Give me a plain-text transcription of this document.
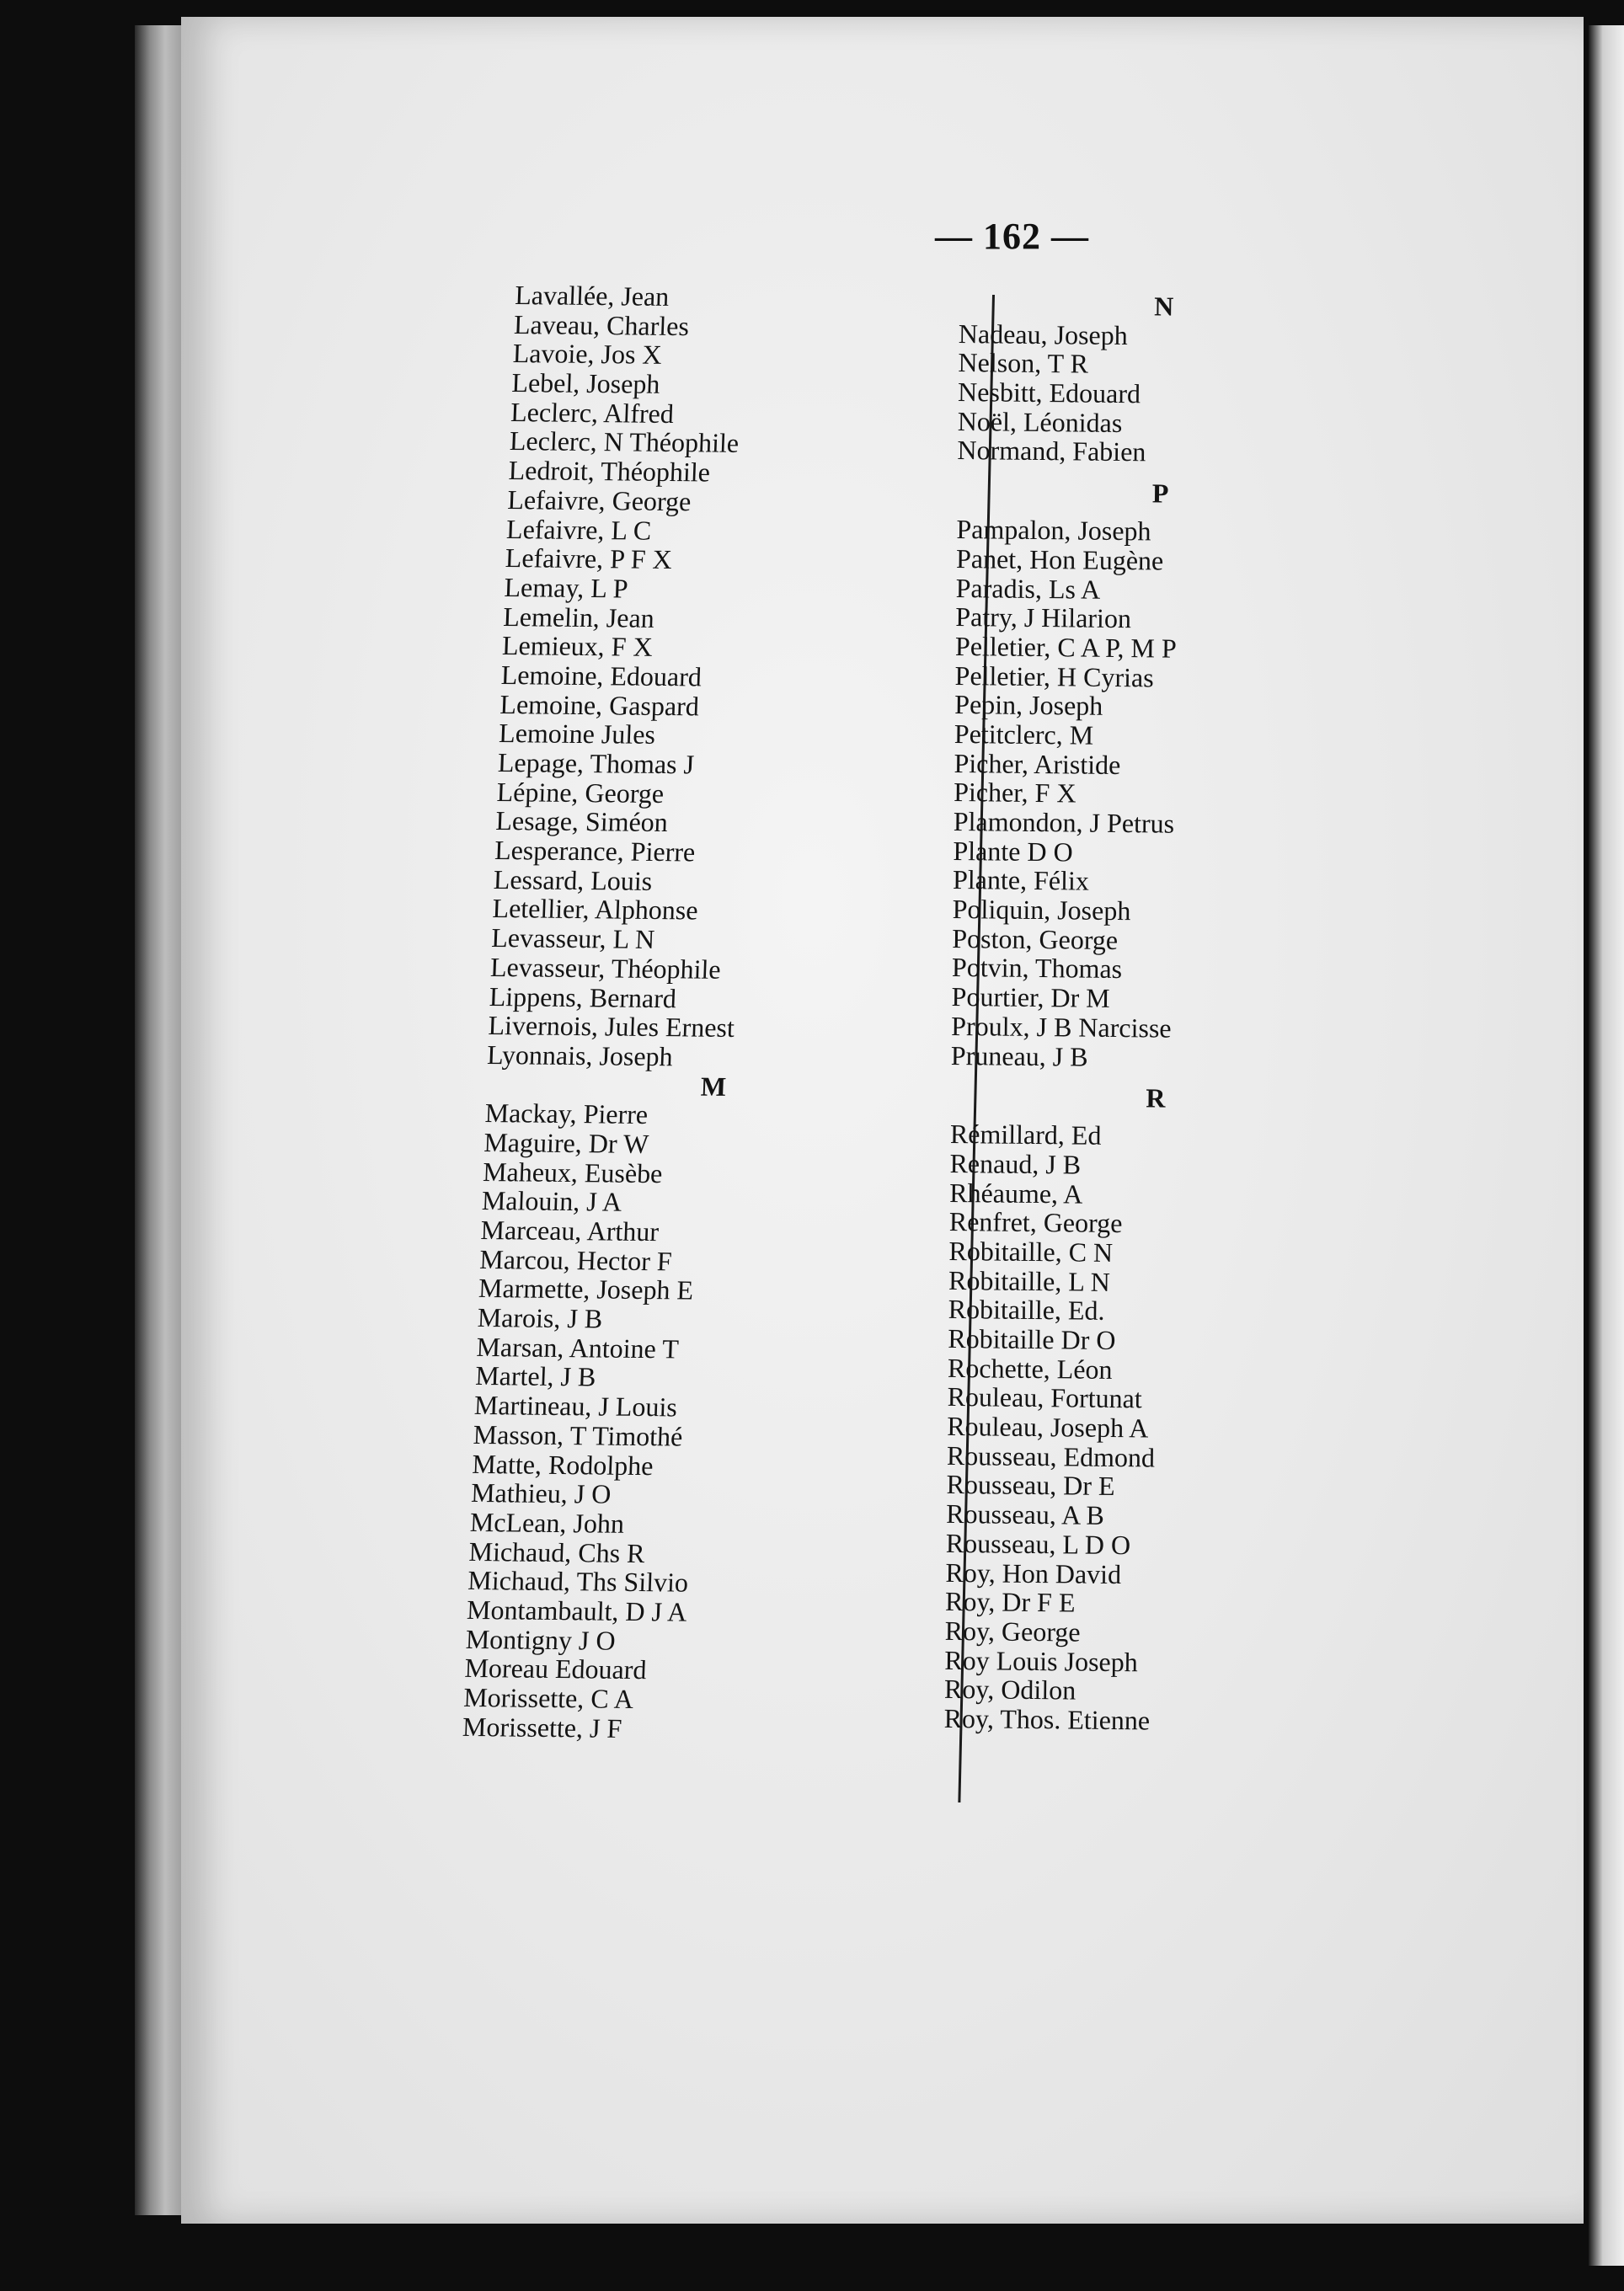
— 162 —
Lavallée, Jean
Laveau, Charles
Lavoie, Jos X
Lebel, Joseph
Leclerc, Alfred
Leclerc, N Théophile
Ledroit, Théophile
Lefaivre, George
Lefaivre, L C
Lefaivre, P F X
Lemay, L P
Lemelin, Jean
Lemieux, F X
Lemoine, Edouard
Lemoine, Gaspard
Lemoine Jules
Lepage, Thomas J
Lépine, George
Lesage, Siméon
Lesperance, Pierre
Lessard, Louis
Letellier, Alphonse
Levasseur, L N
Levasseur, Théophile
Lippens, Bernard
Livernois, Jules Ernest
Lyonnais, Joseph
M
Mackay, Pierre
Maguire, Dr W
Maheux, Eusèbe
Malouin, J A
Marceau, Arthur
Marcou, Hector F
Marmette, Joseph E
Marois, J B
Marsan, Antoine T
Martel, J B
Martineau, J Louis
Masson, T Timothé
Matte, Rodolphe
Mathieu, J O
McLean, John
Michaud, Chs R
Michaud, Ths Silvio
Montambault, D J A
Montigny J O
Moreau Edouard
Morissette, C A
Morissette, J F
N
Nadeau, Joseph
Nelson, T R
Nesbitt, Edouard
Noël, Léonidas
Normand, Fabien
P
Pampalon, Joseph
Panet, Hon Eugène
Paradis, Ls A
Patry, J Hilarion
Pelletier, C A P, M P
Pelletier, H Cyrias
Pepin, Joseph
Petitclerc, M
Picher, Aristide
Picher, F X
Plamondon, J Petrus
Plante D O
Plante, Félix
Poliquin, Joseph
Poston, George
Potvin, Thomas
Pourtier, Dr M
Proulx, J B Narcisse
Pruneau, J B
R
Rémillard, Ed
Renaud, J B
Rhéaume, A
Renfret, George
Robitaille, C N
Robitaille, L N
Robitaille, Ed.
Robitaille Dr O
Rochette, Léon
Rouleau, Fortunat
Rouleau, Joseph A
Rousseau, Edmond
Rousseau, Dr E
Rousseau, A B
Rousseau, L D O
Roy, Hon David
Roy, Dr F E
Roy, George
Roy Louis Joseph
Roy, Odilon
Roy, Thos. Etienne
